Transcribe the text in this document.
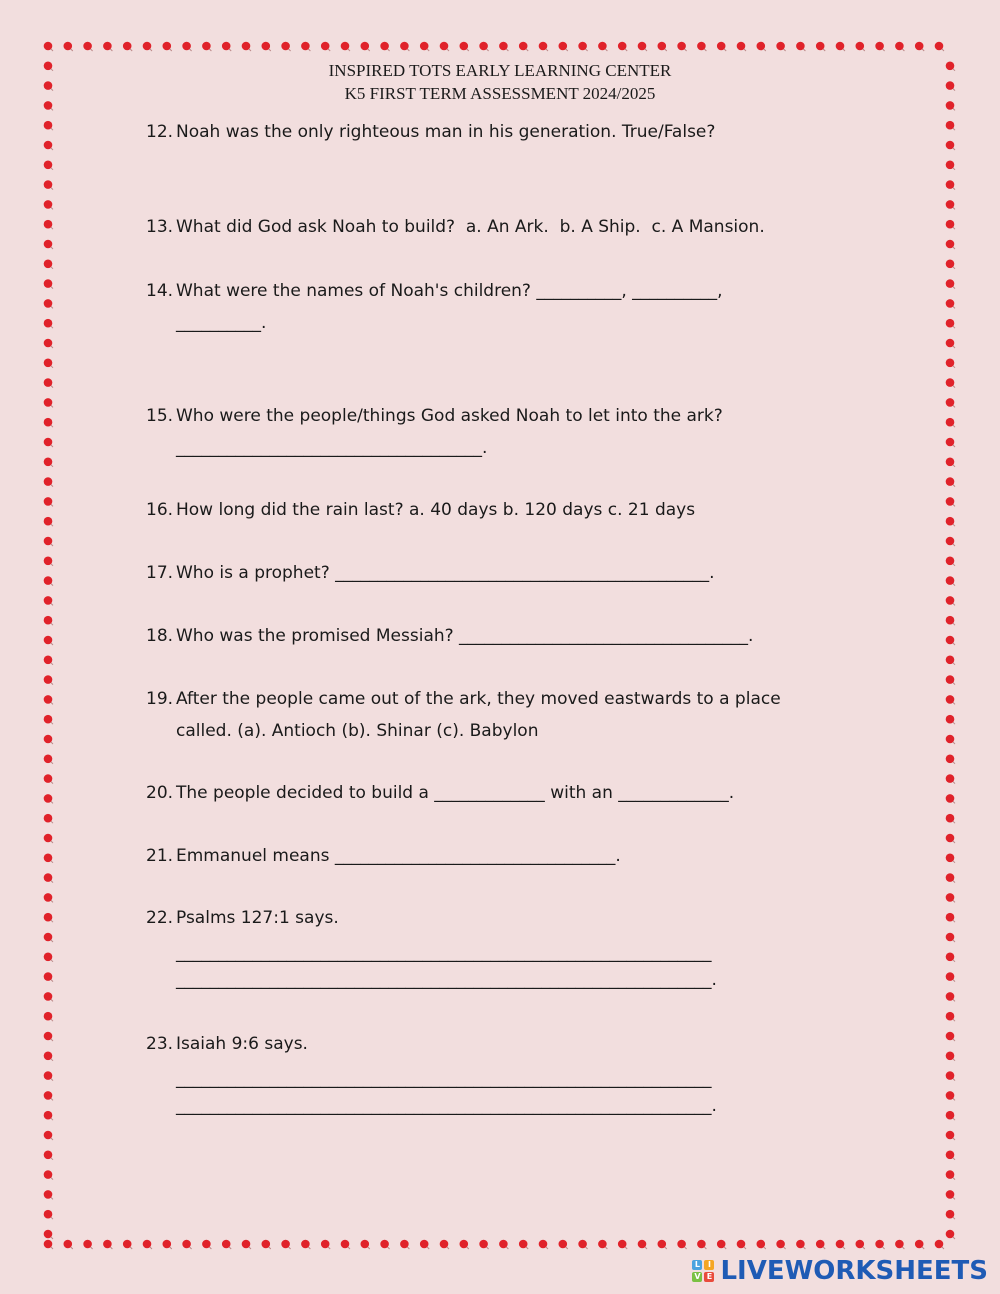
INSPIRED TOTS EARLY LEARNING CENTER
K5 FIRST TERM ASSESSMENT 2024/2025
12. Noah was the only righteous man in his generation. True/False?
13. What did God ask Noah to build?  a. An Ark.  b. A Ship.  c. A Mansion.
14. What were the names of Noah's children? __________, __________,
__________.
15. Who were the people/things God asked Noah to let into the ark?
____________________________________.
16. How long did the rain last? a. 40 days b. 120 days c. 21 days
17. Who is a prophet? ____________________________________________.
18. Who was the promised Messiah? __________________________________.
19. After the people came out of the ark, they moved eastwards to a place
called. (a). Antioch (b). Shinar (c). Babylon
20. The people decided to build a _____________ with an _____________.
21. Emmanuel means _________________________________.
22. Psalms 127:1 says.
_______________________________________________________________
_______________________________________________________________.
23. Isaiah 9:6 says.
_______________________________________________________________
_______________________________________________________________.
L I
V E LIVEWORKSHEETS
